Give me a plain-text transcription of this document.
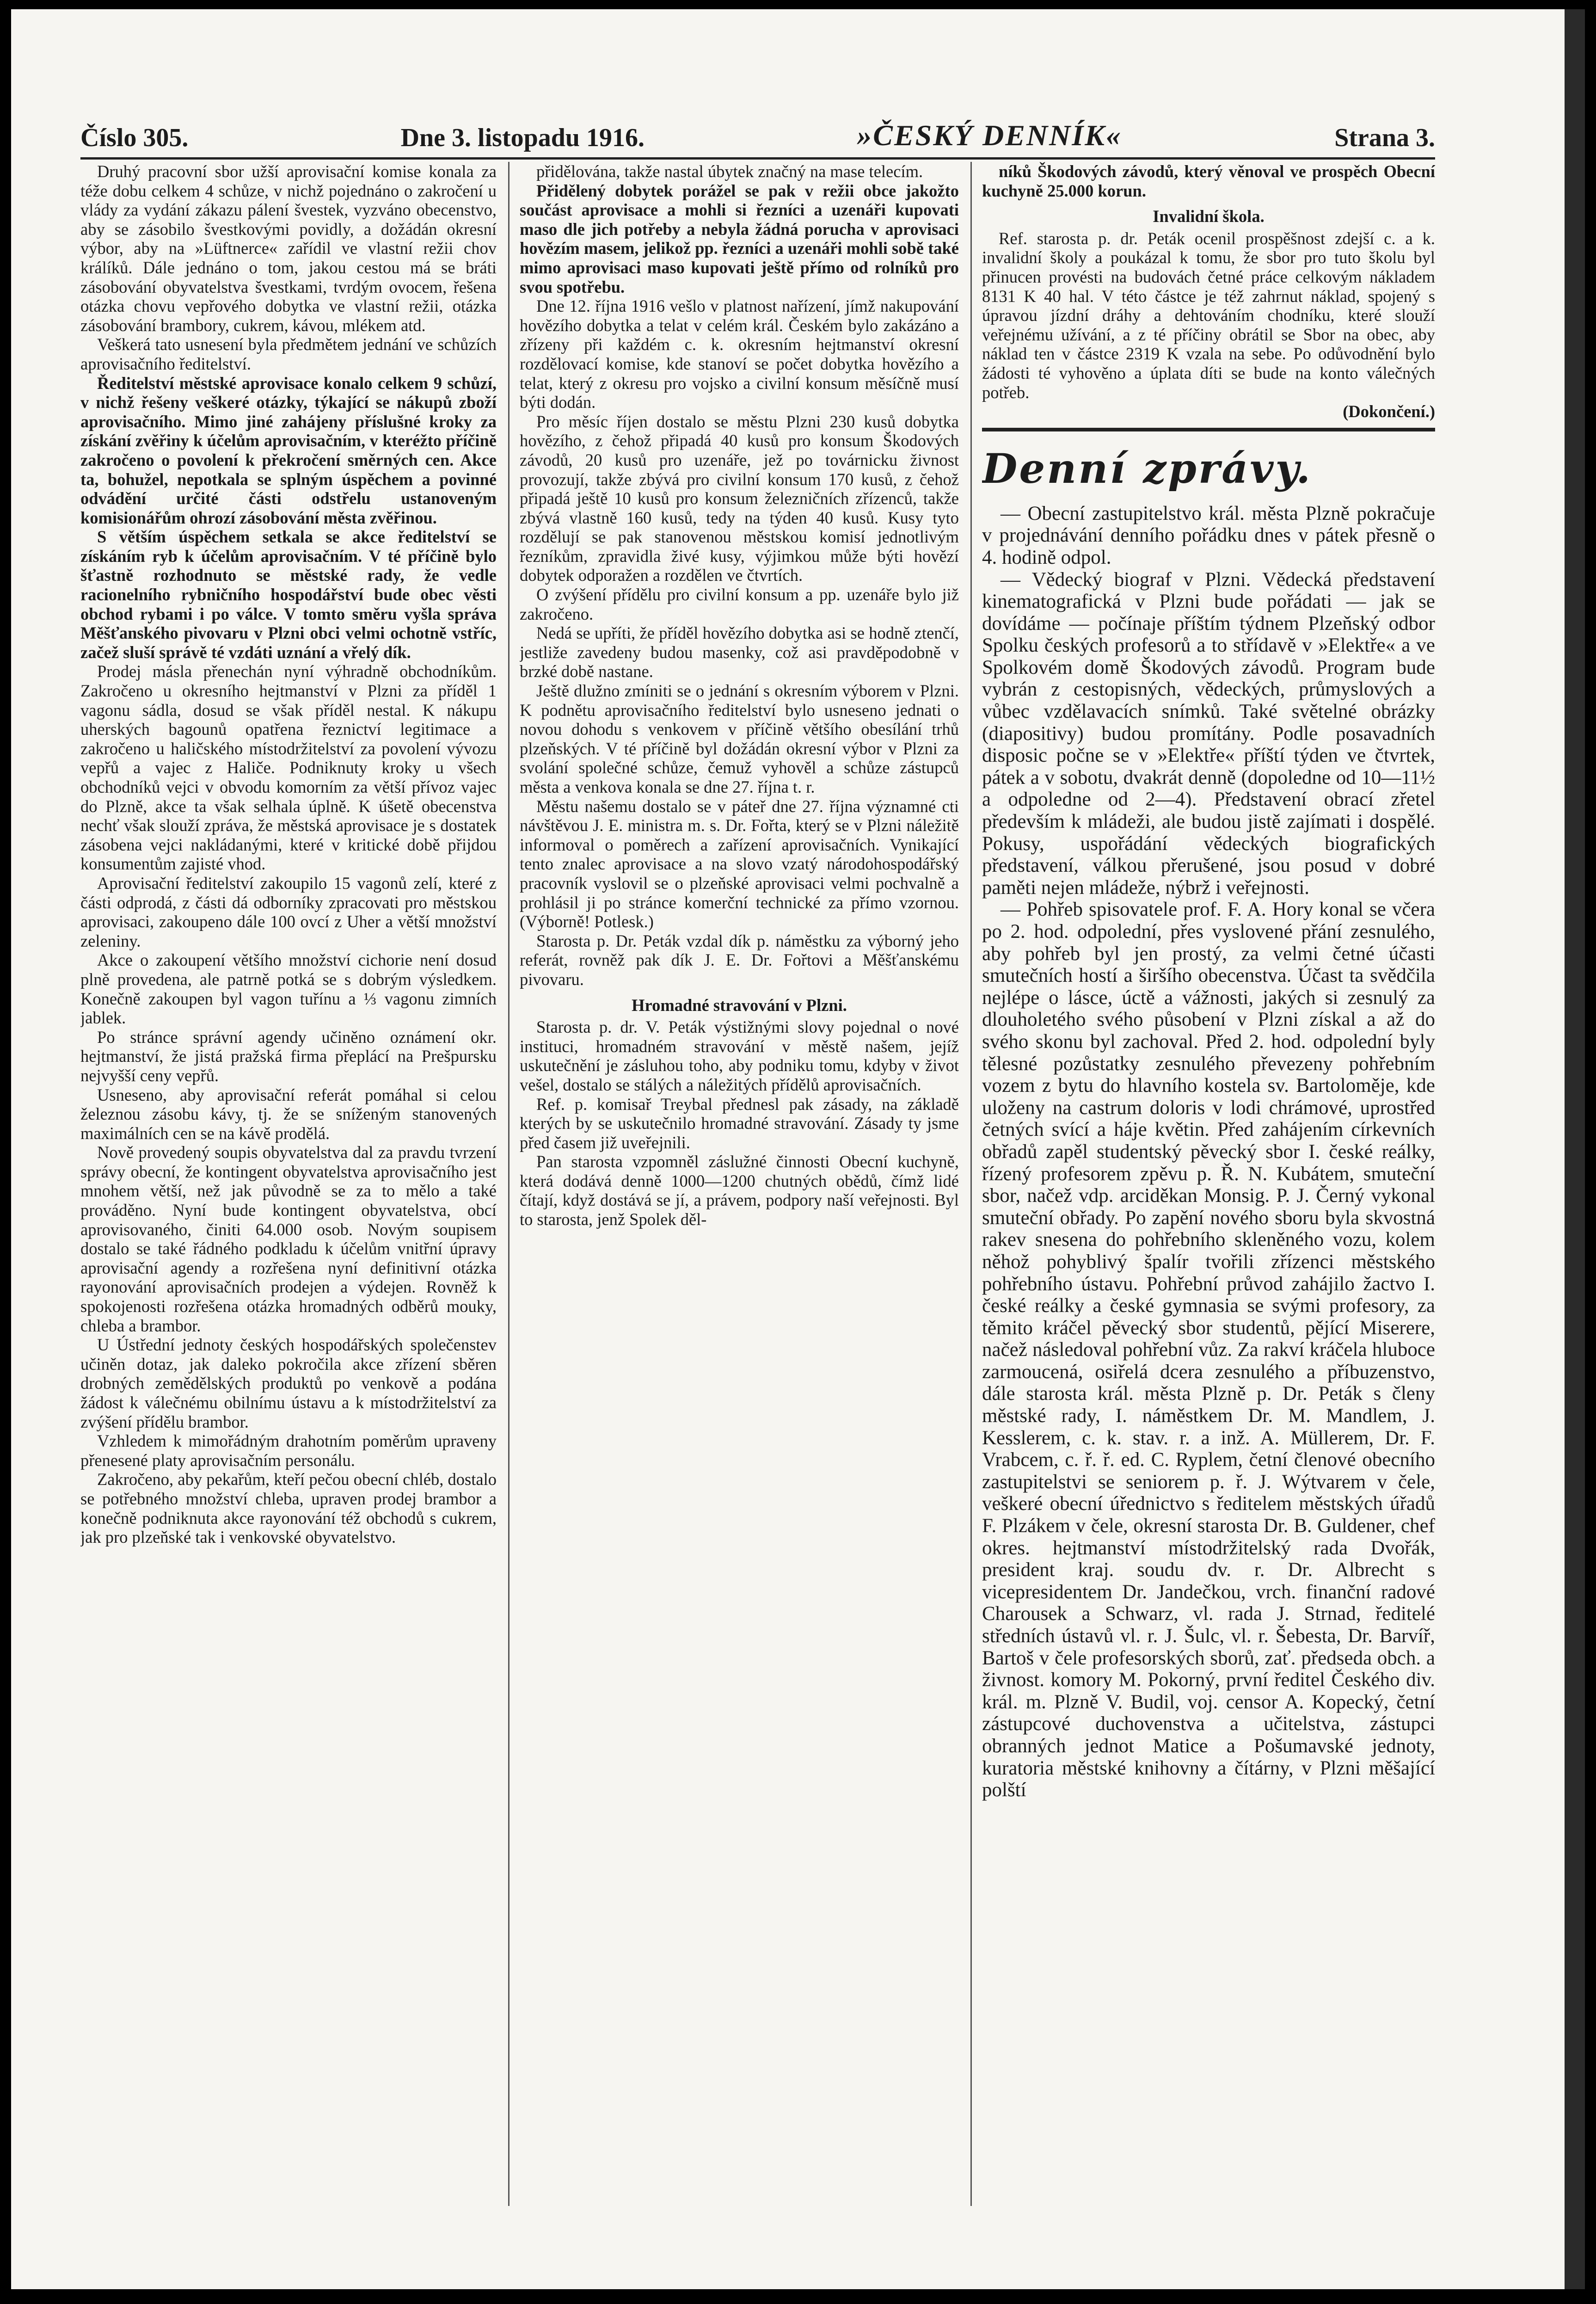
Číslo 305.	Dne 3. listopadu 1916.	»ČESKÝ DENNÍK«	Strana 3.

Druhý pracovní sbor užší aprovisační komise konala za téže dobu celkem 4 schůze, v nichž pojednáno o zakročení u vlády za vydání zákazu pálení švestek, vyzváno obecenstvo, aby se zásobilo švestkovými povidly, a dožádán okresní výbor, aby na »Lüftnerce« zařídil ve vlastní režii chov králíků. Dále jednáno o tom, jakou cestou má se bráti zásobování obyvatelstva švestkami, tvrdým ovocem, řešena otázka chovu vepřového dobytka ve vlastní režii, otázka zásobování brambory, cukrem, kávou, mlékem atd.

Veškerá tato usnesení byla předmětem jednání ve schůzích aprovisačního ředitelství.

Ředitelství městské aprovisace konalo celkem 9 schůzí, v nichž řešeny veškeré otázky, týkající se nákupů zboží aprovisačního. Mimo jiné zahájeny příslušné kroky za získání zvěřiny k účelům aprovisačním, v kteréžto příčině zakročeno o povolení k překročení směrných cen. Akce ta, bohužel, nepotkala se splným úspěchem a povinné odvádění určité části odstřelu ustanoveným komisionářům ohrozí zásobování města zvěřinou.

S větším úspěchem setkala se akce ředitelství se získáním ryb k účelům aprovisačním. V té příčině bylo šťastně rozhodnuto se městské rady, že vedle racionelního rybničního hospodářství bude obec věsti obchod rybami i po válce. V tomto směru vyšla správa Měšťanského pivovaru v Plzni obci velmi ochotně vstříc, začež sluší správě té vzdáti uznání a vřelý dík.

Prodej másla přenechán nyní výhradně obchodníkům. Zakročeno u okresního hejtmanství v Plzni za příděl 1 vagonu sádla, dosud se však příděl nestal. K nákupu uherských bagounů opatřena řeznictví legitimace a zakročeno u haličského místodržitelství za povolení vývozu vepřů a vajec z Haliče. Podniknuty kroky u všech obchodníků vejci v obvodu komorním za větší přívoz vajec do Plzně, akce ta však selhala úplně. K úšetě obecenstva nechť však slouží zpráva, že městská aprovisace je s dostatek zásobena vejci nakládanými, které v kritické době přijdou konsumentům zajisté vhod.

Aprovisační ředitelství zakoupilo 15 vagonů zelí, které z části odprodá, z části dá odborníky zpracovati pro městskou aprovisaci, zakoupeno dále 100 ovcí z Uher a větší množství zeleniny.

Akce o zakoupení většího množství cichorie není dosud plně provedena, ale patrně potká se s dobrým výsledkem. Konečně zakoupen byl vagon tuřínu a ⅓ vagonu zimních jablek.

Po stránce správní agendy učiněno oznámení okr. hejtmanství, že jistá pražská firma přeplácí na Prešpursku nejvyšší ceny vepřů.

Usneseno, aby aprovisační referát pomáhal si celou železnou zásobu kávy, tj. že se sníženým stanovených maximálních cen se na kávě prodělá.

Nově provedený soupis obyvatelstva dal za pravdu tvrzení správy obecní, že kontingent obyvatelstva aprovisačního jest mnohem větší, než jak původně se za to mělo a také prováděno. Nyní bude kontingent obyvatelstva, obcí aprovisovaného, činiti 64.000 osob. Novým soupisem dostalo se také řádného podkladu k účelům vnitřní úpravy aprovisační agendy a rozřešena nyní definitivní otázka rayonování aprovisačních prodejen a výdejen. Rovněž k spokojenosti rozřešena otázka hromadných odběrů mouky, chleba a brambor.

U Ústřední jednoty českých hospodářských společenstev učiněn dotaz, jak daleko pokročila akce zřízení sběren drobných zemědělských produktů po venkově a podána žádost k válečnému obilnímu ústavu a k místodržitelství za zvýšení přídělu brambor.

Vzhledem k mimořádným drahotním poměrům upraveny přenesené platy aprovisačním personálu.

Zakročeno, aby pekařům, kteří pečou obecní chléb, dostalo se potřebného množství chleba, upraven prodej brambor a konečně podniknuta akce rayonování též obchodů s cukrem, jak pro plzeňské tak i venkovské obyvatelstvo.

přidělována, takže nastal úbytek značný na mase telecím.

Přidělený dobytek porážel se pak v režii obce jakožto součást aprovisace a mohli si řezníci a uzenáři kupovati maso dle jich potřeby a nebyla žádná porucha v aprovisaci hovězím masem, jelikož pp. řezníci a uzenáři mohli sobě také mimo aprovisaci maso kupovati ještě přímo od rolníků pro svou spotřebu.

Dne 12. října 1916 vešlo v platnost nařízení, jímž nakupování hovězího dobytka a telat v celém král. Českém bylo zakázáno a zřízeny při každém c. k. okresním hejtmanství okresní rozdělovací komise, kde stanoví se počet dobytka hovězího a telat, který z okresu pro vojsko a civilní konsum měsíčně musí býti dodán.

Pro měsíc říjen dostalo se městu Plzni 230 kusů dobytka hovězího, z čehož připadá 40 kusů pro konsum Škodových závodů, 20 kusů pro uzenáře, jež po továrnicku živnost provozují, takže zbývá pro civilní konsum 170 kusů, z čehož připadá ještě 10 kusů pro konsum železničních zřízenců, takže zbývá vlastně 160 kusů, tedy na týden 40 kusů. Kusy tyto rozdělují se pak stanovenou městskou komisí jednotlivým řezníkům, zpravidla živé kusy, výjimkou může býti hovězí dobytek odporažen a rozdělen ve čtvrtích.

O zvýšení přídělu pro civilní konsum a pp. uzenáře bylo již zakročeno.

Nedá se upříti, že příděl hovězího dobytka asi se hodně ztenčí, jestliže zavedeny budou masenky, což asi pravděpodobně v brzké době nastane.

Ještě dlužno zmíniti se o jednání s okresním výborem v Plzni. K podnětu aprovisačního ředitelství bylo usneseno jednati o novou dohodu s venkovem v příčině většího obesílání trhů plzeňských. V té příčině byl dožádán okresní výbor v Plzni za svolání společné schůze, čemuž vyhověl a schůze zástupců města a venkova konala se dne 27. října t. r.

Městu našemu dostalo se v páteř dne 27. října významné cti návštěvou J. E. ministra m. s. Dr. Fořta, který se v Plzni náležitě informoval o poměrech a zařízení aprovisačních. Vynikající tento znalec aprovisace a na slovo vzatý národohospodářský pracovník vyslovil se o plzeňské aprovisaci velmi pochvalně a prohlásil ji po stránce komerční technické za přímo vzornou. (Výborně! Potlesk.)

Starosta p. Dr. Peták vzdal dík p. náměstku za výborný jeho referát, rovněž pak dík J. E. Dr. Fořtovi a Měšťanskému pivovaru.

Hromadné stravování v Plzni.

Starosta p. dr. V. Peták výstižnými slovy pojednal o nové instituci, hromadném stravování v městě našem, jejíž uskutečnění je zásluhou toho, aby podniku tomu, kdyby v život vešel, dostalo se stálých a náležitých přídělů aprovisačních.

Ref. p. komisař Treybal přednesl pak zásady, na základě kterých by se uskutečnilo hromadné stravování. Zásady ty jsme před časem již uveřejnili.

Pan starosta vzpomněl záslužné činnosti Obecní kuchyně, která dodává denně 1000—1200 chutných obědů, čímž lidé čítají, když dostává se jí, a právem, podpory naší veřejnosti. Byl to starosta, jenž Spolek děl-

níků Škodových závodů, který věnoval ve prospěch Obecní kuchyně 25.000 korun.

Invalidní škola.

Ref. starosta p. dr. Peták ocenil prospěšnost zdejší c. a k. invalidní školy a poukázal k tomu, že sbor pro tuto školu byl přinucen provésti na budovách četné práce celkovým nákladem 8131 K 40 hal. V této částce je též zahrnut náklad, spojený s úpravou jízdní dráhy a dehtováním chodníku, které slouží veřejnému užívání, a z té příčiny obrátil se Sbor na obec, aby náklad ten v částce 2319 K vzala na sebe. Po odůvodnění bylo žádosti té vyhověno a úplata díti se bude na konto válečných potřeb.

(Dokončení.)

Denní zprávy.

— Obecní zastupitelstvo král. města Plzně pokračuje v projednávání denního pořádku dnes v pátek přesně o 4. hodině odpol.

— Vědecký biograf v Plzni. Vědecká představení kinematografická v Plzni bude pořádati — jak se dovídáme — počínaje příštím týdnem Plzeňský odbor Spolku českých profesorů a to střídavě v »Elektře« a ve Spolkovém domě Škodových závodů. Program bude vybrán z cestopisných, vědeckých, průmyslových a vůbec vzdělavacích snímků. Také světelné obrázky (diapositivy) budou promítány. Podle posavadních disposic počne se v »Elektře« příští týden ve čtvrtek, pátek a v sobotu, dvakrát denně (dopoledne od 10—11½ a odpoledne od 2—4). Představení obrací zřetel především k mládeži, ale budou jistě zajímati i dospělé. Pokusy, uspořádání vědeckých biografických představení, válkou přerušené, jsou posud v dobré paměti nejen mládeže, nýbrž i veřejnosti.

— Pohřeb spisovatele prof. F. A. Hory konal se včera po 2. hod. odpolední, přes vyslovené přání zesnulého, aby pohřeb byl jen prostý, za velmi četné účasti smutečních hostí a širšího obecenstva. Účast ta svědčila nejlépe o lásce, úctě a vážnosti, jakých si zesnulý za dlouholetého svého působení v Plzni získal a až do svého skonu byl zachoval. Před 2. hod. odpolední byly tělesné pozůstatky zesnulého převezeny pohřebním vozem z bytu do hlavního kostela sv. Bartoloměje, kde uloženy na castrum doloris v lodi chrámové, uprostřed četných svící a háje květin. Před zahájením církevních obřadů zapěl studentský pěvecký sbor I. české reálky, řízený profesorem zpěvu p. Ř. N. Kubátem, smuteční sbor, načež vdp. arciděkan Monsig. P. J. Černý vykonal smuteční obřady. Po zapění nového sboru byla skvostná rakev snesena do pohřebního skleněného vozu, kolem něhož pohyblivý špalír tvořili zřízenci městského pohřebního ústavu. Pohřební průvod zahájilo žactvo I. české reálky a české gymnasia se svými profesory, za těmito kráčel pěvecký sbor studentů, pějící Miserere, načež následoval pohřební vůz. Za rakví kráčela hluboce zarmoucená, osiřelá dcera zesnulého a příbuzenstvo, dále starosta král. města Plzně p. Dr. Peták s členy městské rady, I. náměstkem Dr. M. Mandlem, J. Kesslerem, c. k. stav. r. a inž. A. Müllerem, Dr. F. Vrabcem, c. ř. ř. ed. C. Ryplem, četní členové obecního zastupitelstvi se seniorem p. ř. J. Wýtvarem v čele, veškeré obecní úřednictvo s ředitelem městských úřadů F. Plzákem v čele, okresní starosta Dr. B. Guldener, chef okres. hejtmanství místodržitelský rada Dvořák, president kraj. soudu dv. r. Dr. Albrecht s vicepresidentem Dr. Jandečkou, vrch. finanční radové Charousek a Schwarz, vl. rada J. Strnad, ředitelé středních ústavů vl. r. J. Šulc, vl. r. Šebesta, Dr. Barvíř, Bartoš v čele profesorských sborů, zať. předseda obch. a živnost. komory M. Pokorný, první ředitel Českého div. král. m. Plzně V. Budil, voj. censor A. Kopecký, četní zástupcové duchovenstva a učitelstva, zástupci obranných jednot Matice a Pošumavské jednoty, kuratoria městské knihovny a čítárny, v Plzni měšající polští
